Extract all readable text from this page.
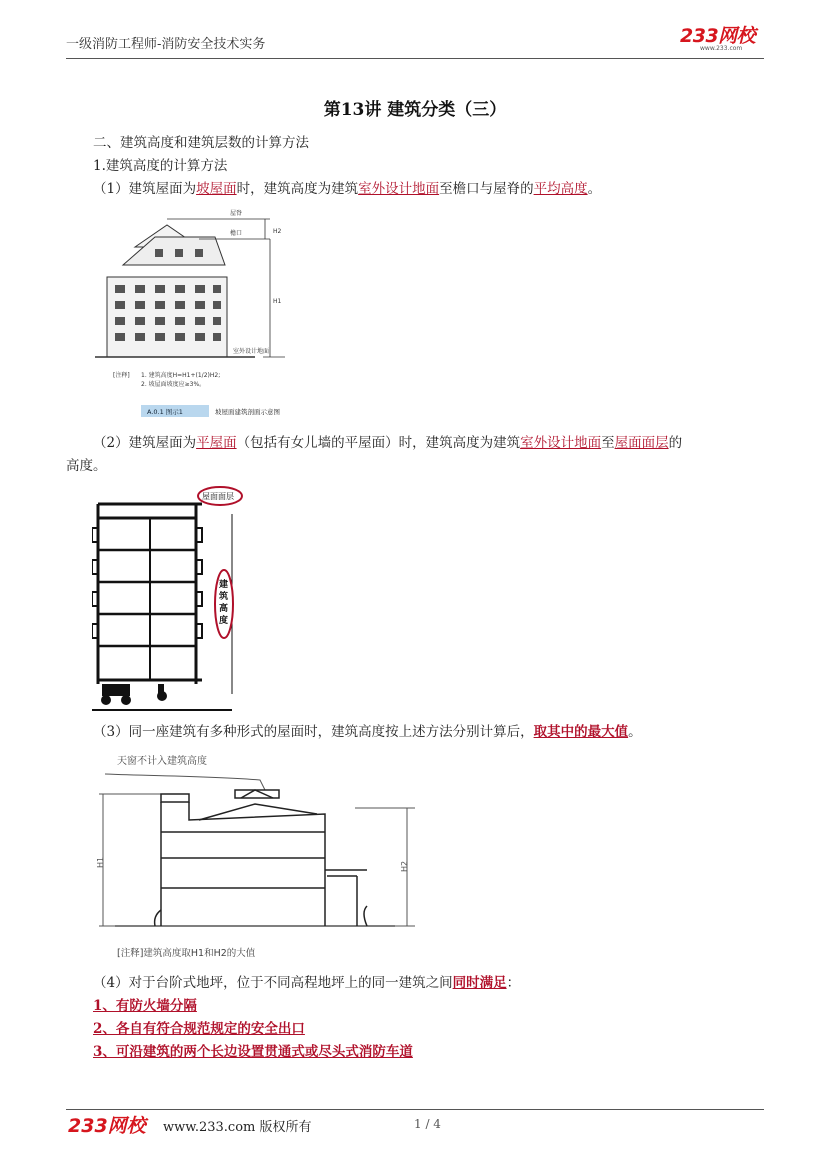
一级消防工程师-消防安全技术实务	233网校
www.233.com
第13讲 建筑分类（三）
二、建筑高度和建筑层数的计算方法
1.建筑高度的计算方法
（1）建筑屋面为坡屋面时，建筑高度为建筑室外设计地面至檐口与屋脊的平均高度。
屋脊
檐口	H2
H1
室外设计地面
[注释] 1. 建筑高度H=H1+(1/2)H2;
2. 坡屋面坡度应≥3%。
A.0.1 图示1	坡屋面建筑剖面示意图
（2）建筑屋面为平屋面（包括有女儿墙的平屋面）时，建筑高度为建筑室外设计地面至屋面面层的
高度。
屋面面层
建
筑
高
度
（3）同一座建筑有多种形式的屋面时，建筑高度按上述方法分别计算后，取其中的最大值。
天窗不计入建筑高度
H1	H2
[注释]建筑高度取H1和H2的大值
（4）对于台阶式地坪，位于不同高程地坪上的同一建筑之间同时满足：
1、有防火墙分隔
2、各自有符合规范规定的安全出口
3、可沿建筑的两个长边设置贯通式或尽头式消防车道
233网校 www.233.com 版权所有	1 / 4
